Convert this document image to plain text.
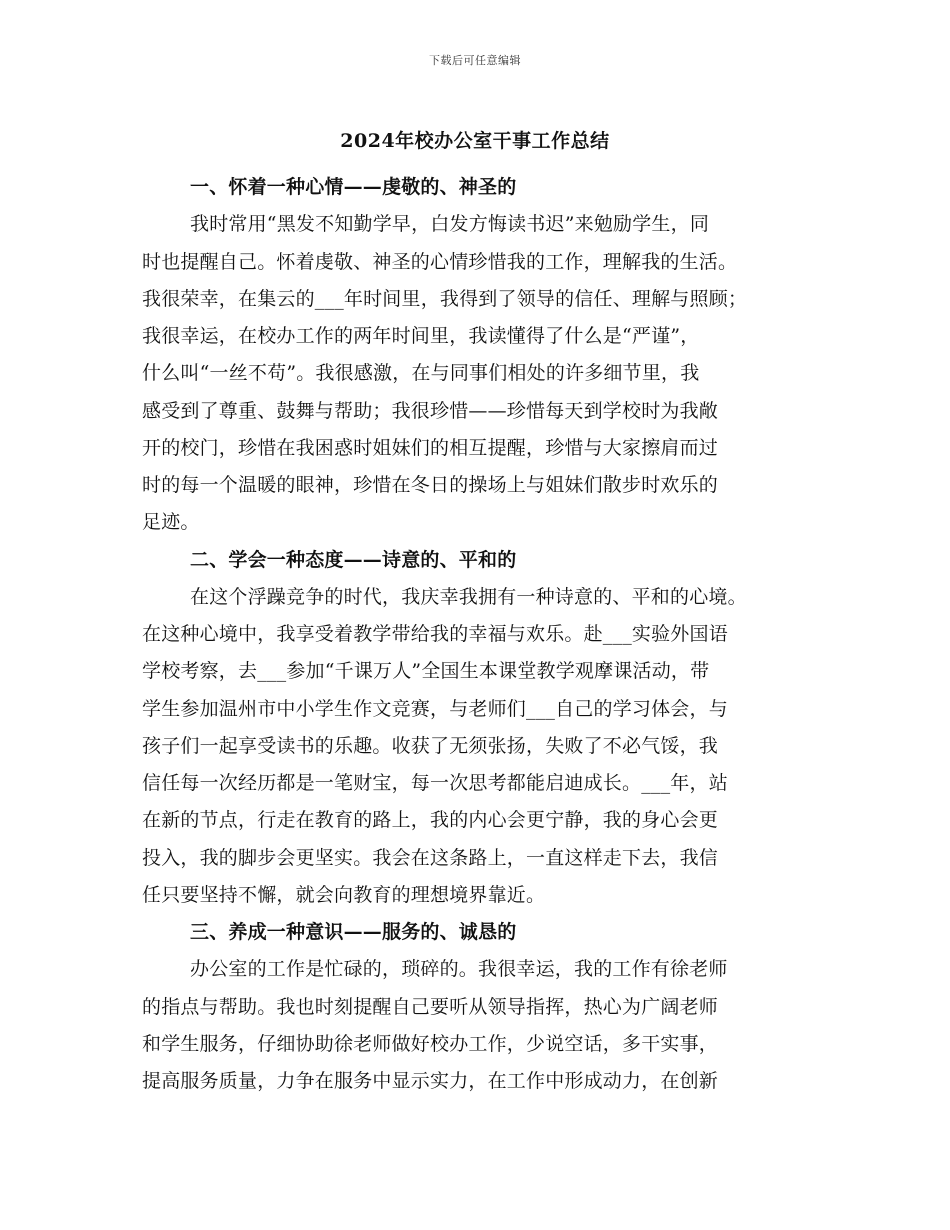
下载后可任意编辑
2024年校办公室干事工作总结
一、怀着一种心情——虔敬的、神圣的
我时常用“黑发不知勤学早，白发方悔读书迟”来勉励学生，同
时也提醒自己。怀着虔敬、神圣的心情珍惜我的工作，理解我的生活。
我很荣幸，在集云的___年时间里，我得到了领导的信任、理解与照顾；
我很幸运，在校办工作的两年时间里，我读懂得了什么是“严谨”，
什么叫“一丝不苟”。我很感激，在与同事们相处的许多细节里，我
感受到了尊重、鼓舞与帮助；我很珍惜——珍惜每天到学校时为我敞
开的校门，珍惜在我困惑时姐妹们的相互提醒，珍惜与大家擦肩而过
时的每一个温暖的眼神，珍惜在冬日的操场上与姐妹们散步时欢乐的
足迹。
二、学会一种态度——诗意的、平和的
在这个浮躁竞争的时代，我庆幸我拥有一种诗意的、平和的心境。
在这种心境中，我享受着教学带给我的幸福与欢乐。赴___实验外国语
学校考察，去___参加“千课万人”全国生本课堂教学观摩课活动，带
学生参加温州市中小学生作文竞赛，与老师们___自己的学习体会，与
孩子们一起享受读书的乐趣。收获了无须张扬，失败了不必气馁，我
信任每一次经历都是一笔财宝，每一次思考都能启迪成长。___年，站
在新的节点，行走在教育的路上，我的内心会更宁静，我的身心会更
投入，我的脚步会更坚实。我会在这条路上，一直这样走下去，我信
任只要坚持不懈，就会向教育的理想境界靠近。
三、养成一种意识——服务的、诚恳的
办公室的工作是忙碌的，琐碎的。我很幸运，我的工作有徐老师
的指点与帮助。我也时刻提醒自己要听从领导指挥，热心为广阔老师
和学生服务，仔细协助徐老师做好校办工作，少说空话，多干实事，
提高服务质量，力争在服务中显示实力，在工作中形成动力，在创新
